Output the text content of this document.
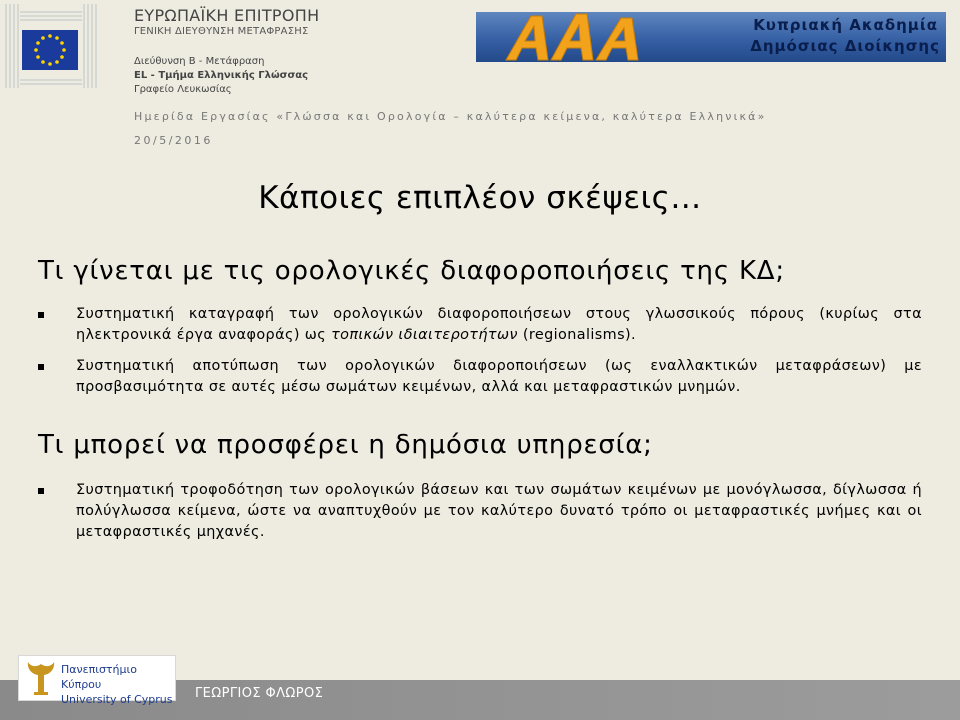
ΕΥΡΩΠΑΪΚΗ ΕΠΙΤΡΟΠΗ
ΓΕΝΙΚΗ ΔΙΕΥΘΥΝΣΗ ΜΕΤΑΦΡΑΣΗΣ
Διεύθυνση Β - Μετάφραση
EL - Τμήμα Ελληνικής Γλώσσας
Γραφείο Λευκωσίας
Κυπριακή Ακαδημία
Δημόσιας Διοίκησης
Ημερίδα Εργασίας «Γλώσσα και Ορολογία – καλύτερα κείμενα, καλύτερα Ελληνικά»
20/5/2016
Κάποιες επιπλέον σκέψεις…
Τι γίνεται με τις ορολογικές διαφοροποιήσεις της ΚΔ;
Συστηματική καταγραφή των ορολογικών διαφοροποιήσεων στους γλωσσικούς πόρους (κυρίως στα ηλεκτρονικά έργα αναφοράς) ως τοπικών ιδιαιτεροτήτων (regionalisms).
Συστηματική αποτύπωση των ορολογικών διαφοροποιήσεων (ως εναλλακτικών μεταφράσεων) με προσβασιμότητα σε αυτές μέσω σωμάτων κειμένων, αλλά και μεταφραστικών μνημών.
Τι μπορεί να προσφέρει η δημόσια υπηρεσία;
Συστηματική τροφοδότηση των ορολογικών βάσεων και των σωμάτων κειμένων με μονόγλωσσα, δίγλωσσα ή πολύγλωσσα κείμενα, ώστε να αναπτυχθούν με τον καλύτερο δυνατό τρόπο οι μεταφραστικές μνήμες και οι μεταφραστικές μηχανές.
ΓΕΩΡΓΙΟΣ ΦΛΩΡΟΣ
Πανεπιστήμιο Κύπρου
University of Cyprus
